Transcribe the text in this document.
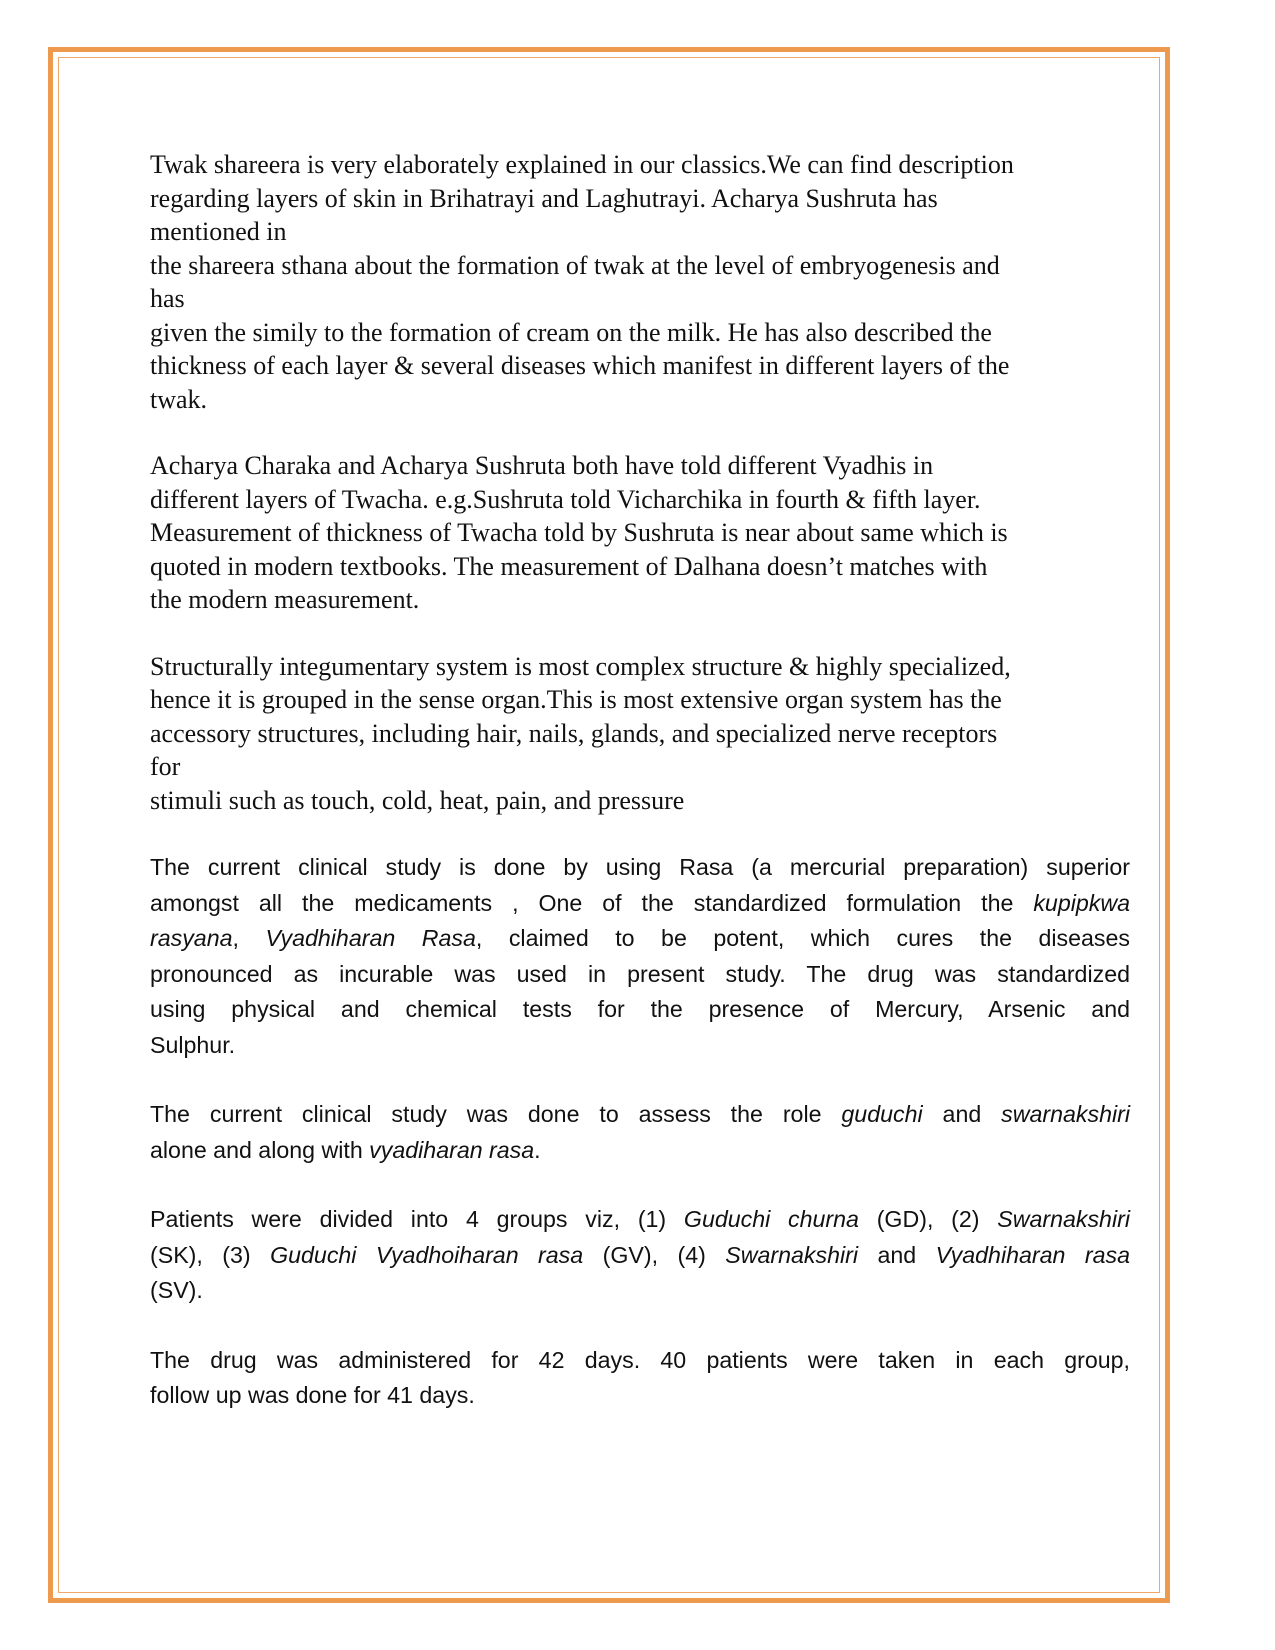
Twak shareera is very elaborately explained in our classics.We can find description
regarding layers of skin in Brihatrayi and Laghutrayi. Acharya Sushruta has
mentioned in
the shareera sthana about the formation of twak at the level of embryogenesis and
has
given the simily to the formation of cream on the milk. He has also described the
thickness of each layer & several diseases which manifest in different layers of the
twak.
Acharya Charaka and Acharya Sushruta both have told different Vyadhis in
different layers of Twacha. e.g.Sushruta told Vicharchika in fourth & fifth layer.
Measurement of thickness of Twacha told by Sushruta is near about same which is
quoted in modern textbooks. The measurement of Dalhana doesn’t matches with
the modern measurement.
Structurally integumentary system is most complex structure & highly specialized,
hence it is grouped in the sense organ.This is most extensive organ system has the
accessory structures, including hair, nails, glands, and specialized nerve receptors
for
stimuli such as touch, cold, heat, pain, and pressure
The current clinical study is done by using Rasa (a mercurial preparation) superior
amongst all the medicaments , One of the standardized formulation the kupipkwa
rasyana, Vyadhiharan Rasa, claimed to be potent, which cures the diseases
pronounced as incurable was used in present study. The drug was standardized
using physical and chemical tests for the presence of Mercury, Arsenic and
Sulphur.
The current clinical study was done to assess the role guduchi and swarnakshiri
alone and along with vyadiharan rasa.
Patients were divided into 4 groups viz, (1) Guduchi churna (GD), (2) Swarnakshiri
(SK), (3) Guduchi Vyadhoiharan rasa (GV), (4) Swarnakshiri and Vyadhiharan rasa
(SV).
The drug was administered for 42 days. 40 patients were taken in each group,
follow up was done for 41 days.
